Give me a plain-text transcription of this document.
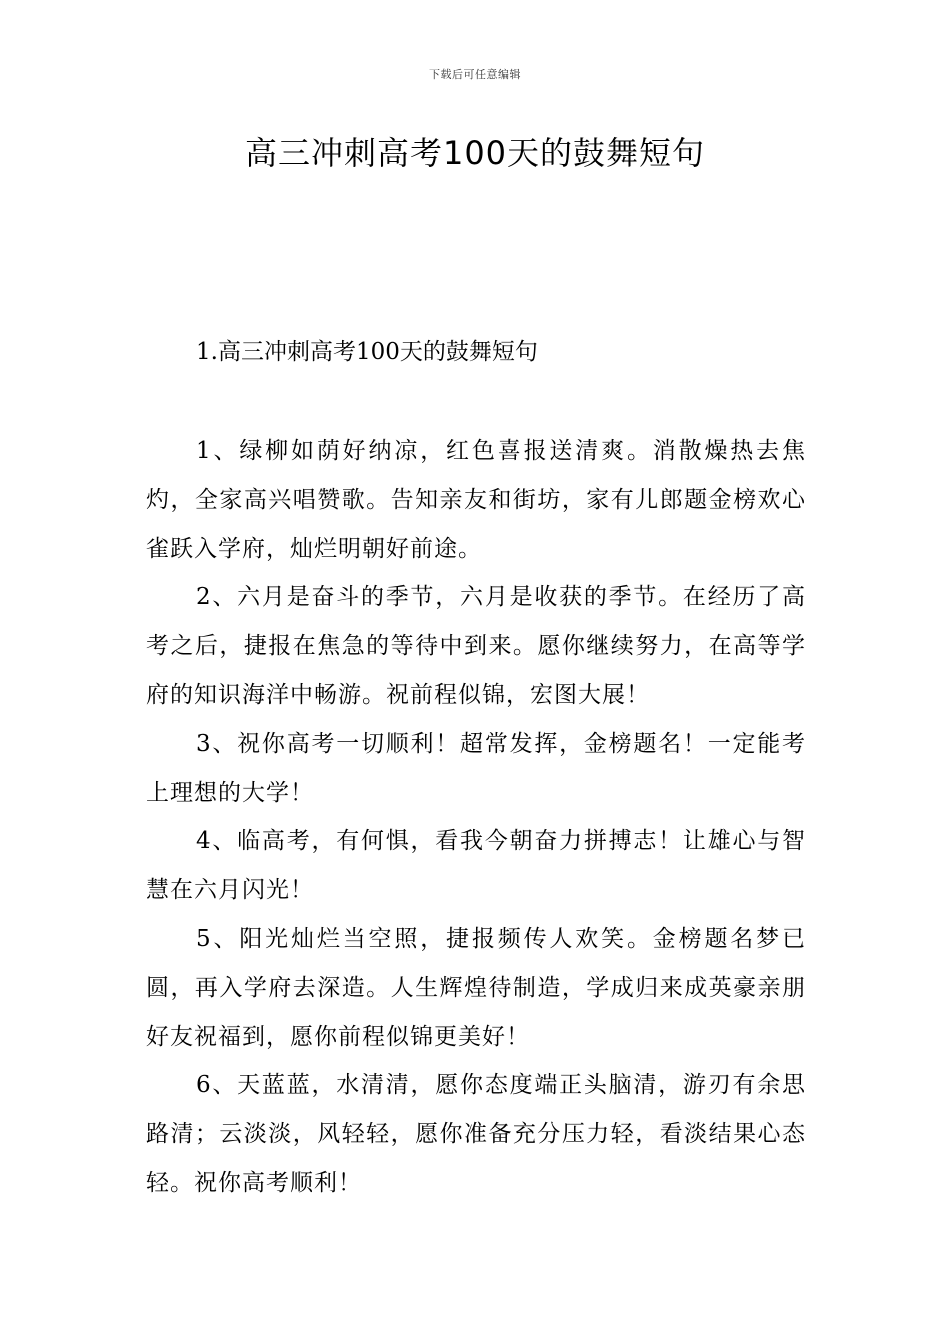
下载后可任意编辑
高三冲刺高考100天的鼓舞短句
1.高三冲刺高考100天的鼓舞短句

1、绿柳如荫好纳凉，红色喜报送清爽。消散燥热去焦灼，全家高兴唱赞歌。告知亲友和街坊，家有儿郎题金榜欢心雀跃入学府，灿烂明朝好前途。

2、六月是奋斗的季节，六月是收获的季节。在经历了高考之后，捷报在焦急的等待中到来。愿你继续努力，在高等学府的知识海洋中畅游。祝前程似锦，宏图大展！

3、祝你高考一切顺利！超常发挥，金榜题名！一定能考上理想的大学！

4、临高考，有何惧，看我今朝奋力拼搏志！让雄心与智慧在六月闪光！

5、阳光灿烂当空照，捷报频传人欢笑。金榜题名梦已圆，再入学府去深造。人生辉煌待制造，学成归来成英豪亲朋好友祝福到，愿你前程似锦更美好！

6、天蓝蓝，水清清，愿你态度端正头脑清，游刃有余思路清；云淡淡，风轻轻，愿你准备充分压力轻，看淡结果心态轻。祝你高考顺利！
